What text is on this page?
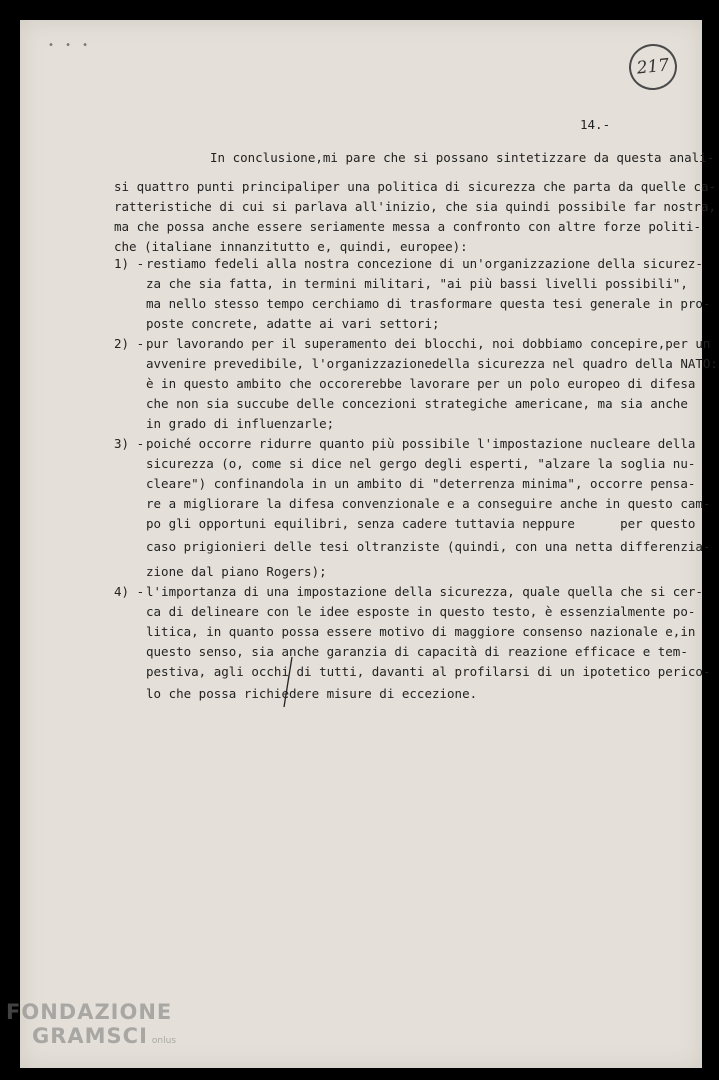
• • •
217
14.-

In conclusione,mi pare che si possano sintetizzare da questa anali-

si quattro punti principaliper una politica di sicurezza che parta da quelle ca-

ratteristiche di cui si parlava all'inizio, che sia quindi possibile far nostra,

ma che possa anche essere seriamente messa a confronto con altre forze politi-

che (italiane innanzitutto e, quindi, europee):

1) - restiamo fedeli alla nostra concezione di un'organizzazione della sicurez-

za che sia fatta, in termini militari, "ai più bassi livelli possibili",

ma nello stesso tempo cerchiamo di trasformare questa tesi generale in pro-

poste concrete, adatte ai vari settori;

2) - pur lavorando per il superamento dei blocchi, noi dobbiamo concepire,per un

avvenire prevedibile, l'organizzazionedella sicurezza nel quadro della NATO:

è in questo ambito che occorerebbe lavorare per un polo europeo di difesa

che non sia succube delle concezioni strategiche americane, ma sia anche

in grado di influenzarle;

3) - poiché occorre ridurre quanto più possibile l'impostazione nucleare della

sicurezza (o, come si dice nel gergo degli esperti, "alzare la soglia nu-

cleare") confinandola in un ambito di "deterrenza minima", occorre pensa-

re a migliorare la difesa convenzionale e a conseguire anche in questo cam-

po gli opportuni equilibri, senza cadere tuttavia neppure      per questo

caso prigionieri delle tesi oltranziste (quindi, con una netta differenzia-

zione dal piano Rogers);

4) - l'importanza di una impostazione della sicurezza, quale quella che si cer-

ca di delineare con le idee esposte in questo testo, è essenzialmente po-

litica, in quanto possa essere motivo di maggiore consenso nazionale e,in

questo senso, sia anche garanzia di capacità di reazione efficace e tem-

pestiva, agli occhi di tutti, davanti al profilarsi di un ipotetico perico-

lo che possa richiedere misure di eccezione.

FONDAZIONE
GRAMSCI onlus
